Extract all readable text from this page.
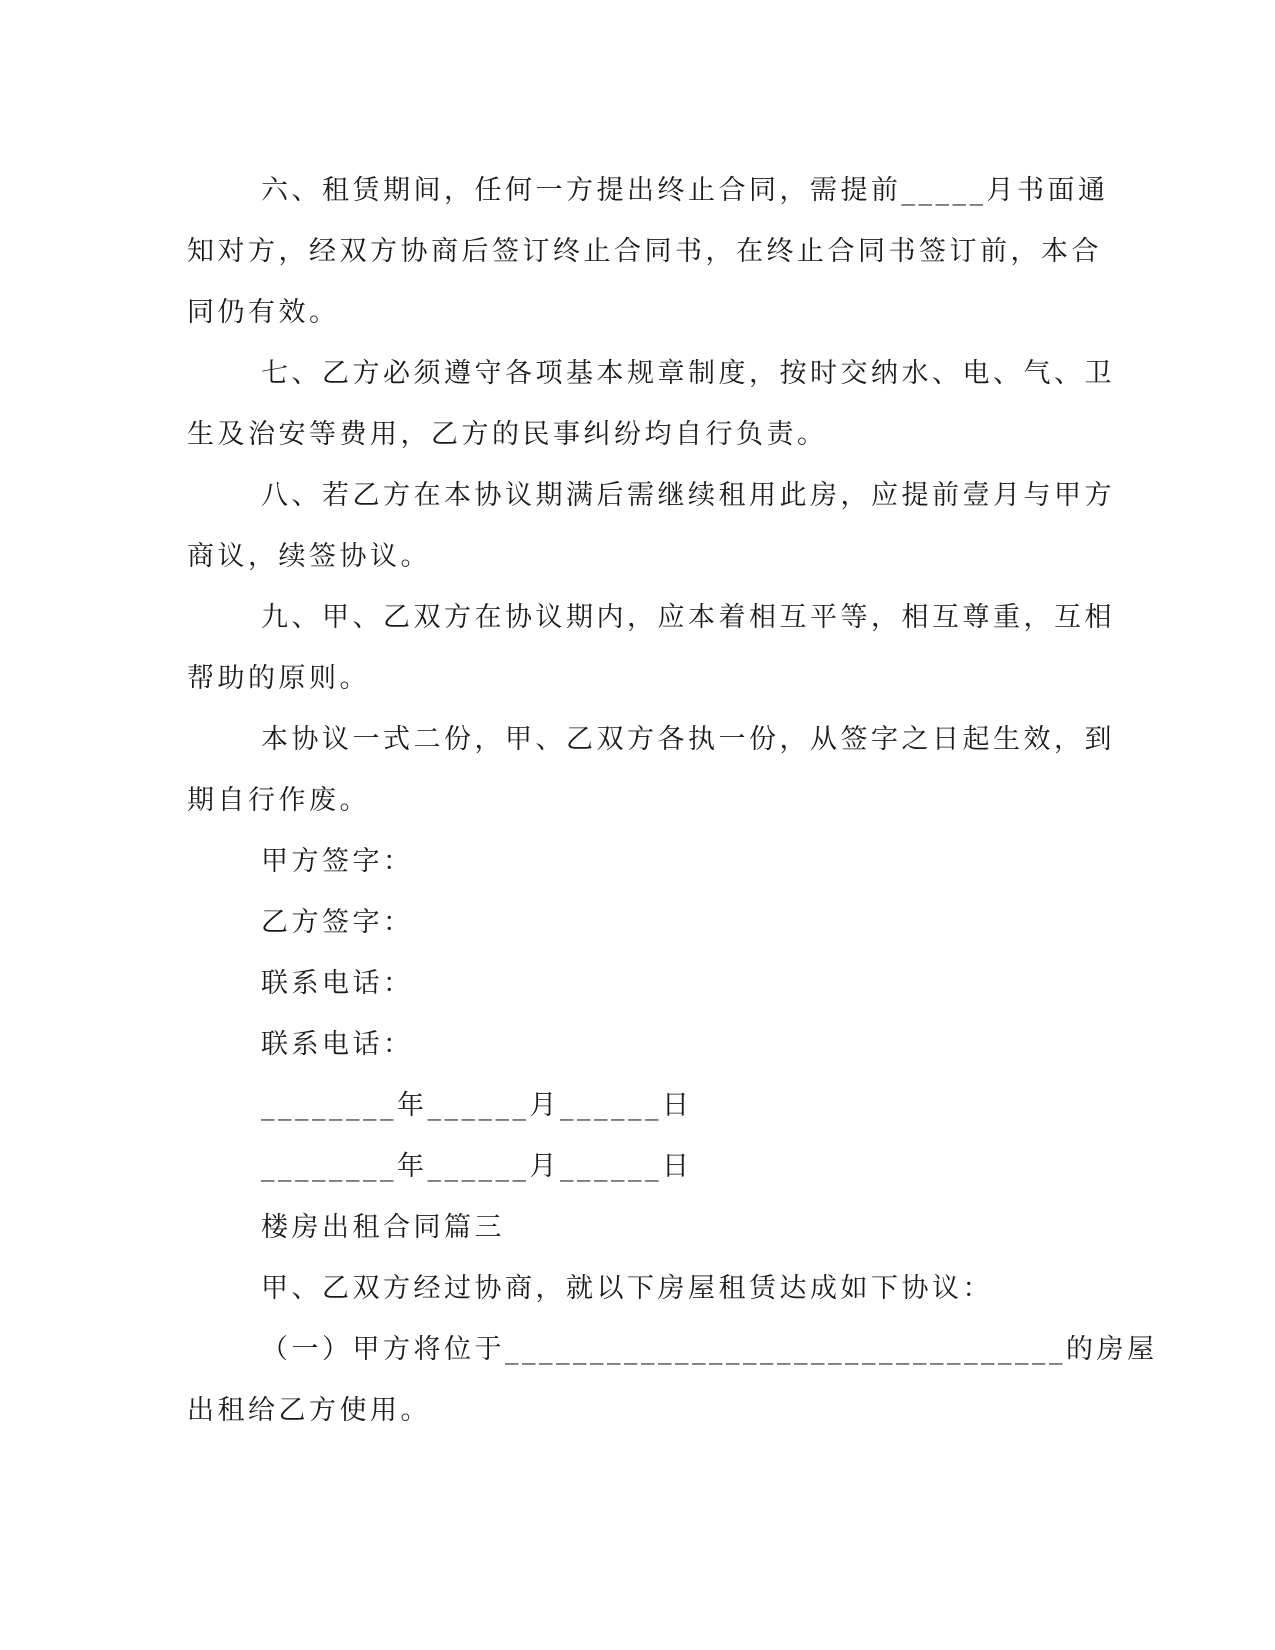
六、租赁期间，任何一方提出终止合同，需提前_____月书面通
知对方，经双方协商后签订终止合同书，在终止合同书签订前，本合
同仍有效。
七、乙方必须遵守各项基本规章制度，按时交纳水、电、气、卫
生及治安等费用，乙方的民事纠纷均自行负责。
八、若乙方在本协议期满后需继续租用此房，应提前壹月与甲方
商议，续签协议。
九、甲、乙双方在协议期内，应本着相互平等，相互尊重，互相
帮助的原则。
本协议一式二份，甲、乙双方各执一份，从签字之日起生效，到
期自行作废。
甲方签字：
乙方签字：
联系电话：
联系电话：
________年______月______日
________年______月______日
楼房出租合同篇三
甲、乙双方经过协商，就以下房屋租赁达成如下协议：
（一）甲方将位于_________________________________的房屋
出租给乙方使用。
